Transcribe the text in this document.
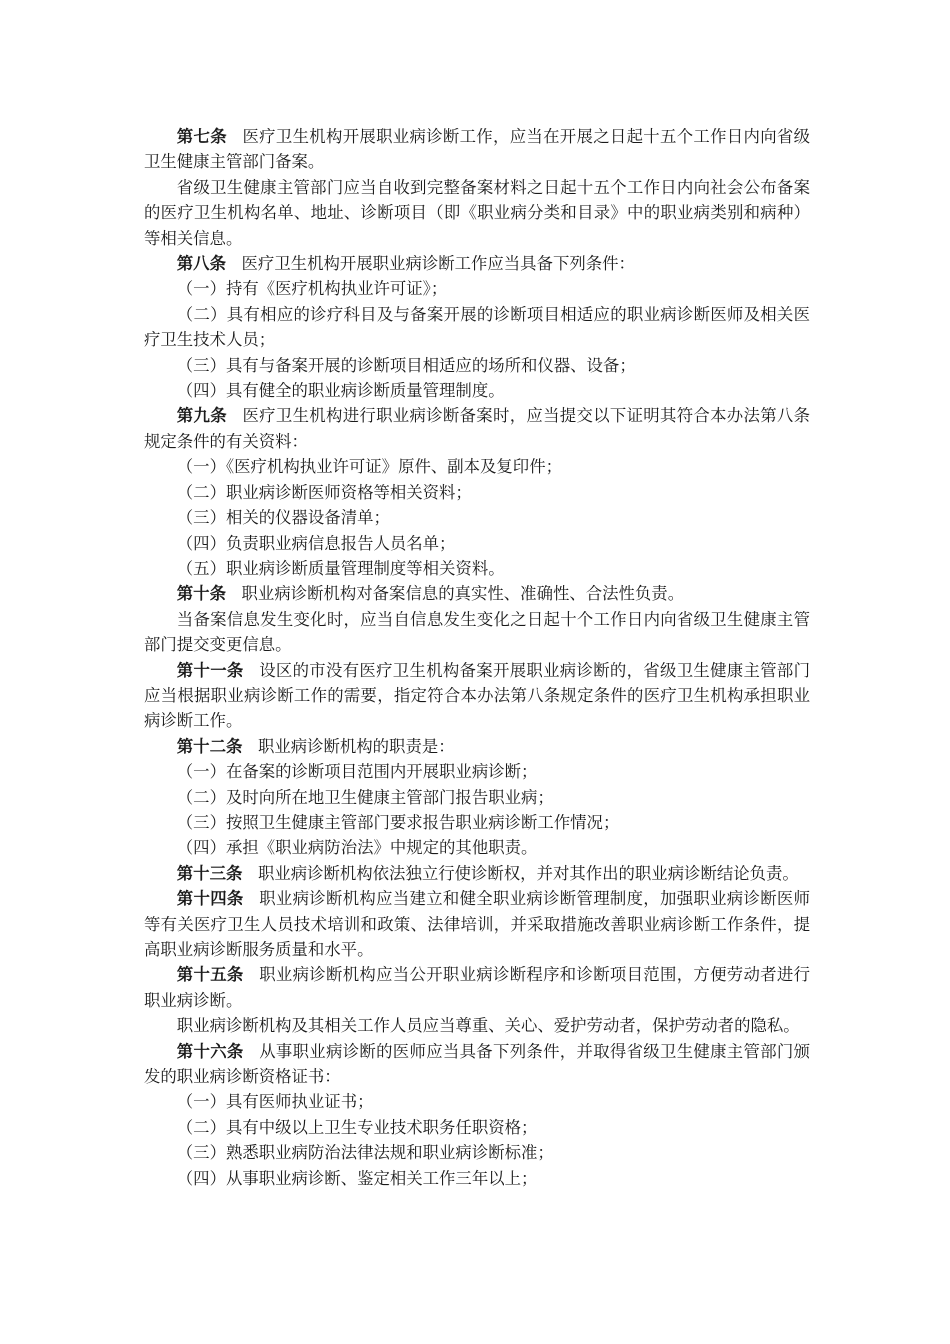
第七条 医疗卫生机构开展职业病诊断工作，应当在开展之日起十五个工作日内向省级卫生健康主管部门备案。

省级卫生健康主管部门应当自收到完整备案材料之日起十五个工作日内向社会公布备案的医疗卫生机构名单、地址、诊断项目（即《职业病分类和目录》中的职业病类别和病种）等相关信息。

第八条 医疗卫生机构开展职业病诊断工作应当具备下列条件：

（一）持有《医疗机构执业许可证》；

（二）具有相应的诊疗科目及与备案开展的诊断项目相适应的职业病诊断医师及相关医疗卫生技术人员；

（三）具有与备案开展的诊断项目相适应的场所和仪器、设备；

（四）具有健全的职业病诊断质量管理制度。

第九条 医疗卫生机构进行职业病诊断备案时，应当提交以下证明其符合本办法第八条规定条件的有关资料：

（一）《医疗机构执业许可证》原件、副本及复印件；

（二）职业病诊断医师资格等相关资料；

（三）相关的仪器设备清单；

（四）负责职业病信息报告人员名单；

（五）职业病诊断质量管理制度等相关资料。

第十条 职业病诊断机构对备案信息的真实性、准确性、合法性负责。

当备案信息发生变化时，应当自信息发生变化之日起十个工作日内向省级卫生健康主管部门提交变更信息。

第十一条 设区的市没有医疗卫生机构备案开展职业病诊断的，省级卫生健康主管部门应当根据职业病诊断工作的需要，指定符合本办法第八条规定条件的医疗卫生机构承担职业病诊断工作。

第十二条 职业病诊断机构的职责是：

（一）在备案的诊断项目范围内开展职业病诊断；

（二）及时向所在地卫生健康主管部门报告职业病；

（三）按照卫生健康主管部门要求报告职业病诊断工作情况；

（四）承担《职业病防治法》中规定的其他职责。

第十三条 职业病诊断机构依法独立行使诊断权，并对其作出的职业病诊断结论负责。

第十四条 职业病诊断机构应当建立和健全职业病诊断管理制度，加强职业病诊断医师等有关医疗卫生人员技术培训和政策、法律培训，并采取措施改善职业病诊断工作条件，提高职业病诊断服务质量和水平。

第十五条 职业病诊断机构应当公开职业病诊断程序和诊断项目范围，方便劳动者进行职业病诊断。

职业病诊断机构及其相关工作人员应当尊重、关心、爱护劳动者，保护劳动者的隐私。

第十六条 从事职业病诊断的医师应当具备下列条件，并取得省级卫生健康主管部门颁发的职业病诊断资格证书：

（一）具有医师执业证书；

（二）具有中级以上卫生专业技术职务任职资格；

（三）熟悉职业病防治法律法规和职业病诊断标准；

（四）从事职业病诊断、鉴定相关工作三年以上；
